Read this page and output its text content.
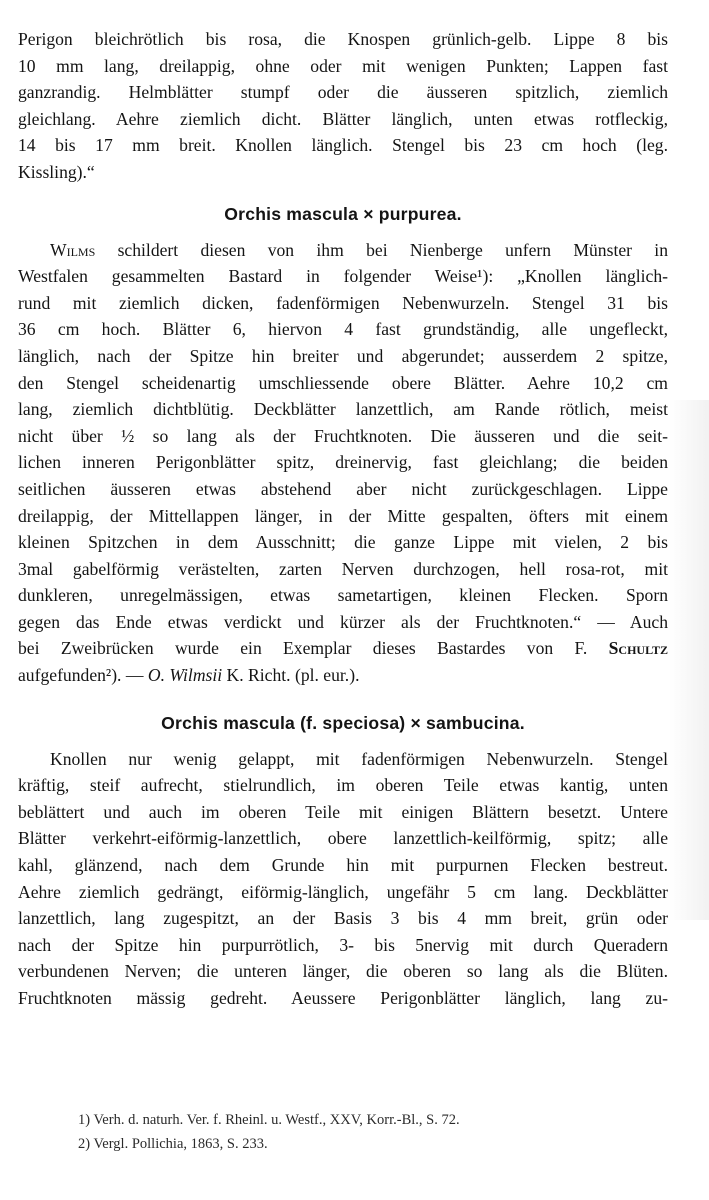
Perigon bleichrötlich bis rosa, die Knospen grünlich-gelb. Lippe 8 bis
10 mm lang, dreilappig, ohne oder mit wenigen Punkten; Lappen fast
ganzrandig. Helmblätter stumpf oder die äusseren spitzlich, ziemlich
gleichlang. Aehre ziemlich dicht. Blätter länglich, unten etwas rotfleckig,
14 bis 17 mm breit. Knollen länglich. Stengel bis 23 cm hoch (leg.
Kissling).“

Orchis mascula × purpurea.

Wilms schildert diesen von ihm bei Nienberge unfern Münster in
Westfalen gesammelten Bastard in folgender Weise¹): „Knollen länglich-
rund mit ziemlich dicken, fadenförmigen Nebenwurzeln. Stengel 31 bis
36 cm hoch. Blätter 6, hiervon 4 fast grundständig, alle ungefleckt,
länglich, nach der Spitze hin breiter und abgerundet; ausserdem 2 spitze,
den Stengel scheidenartig umschliessende obere Blätter. Aehre 10,2 cm
lang, ziemlich dichtblütig. Deckblätter lanzettlich, am Rande rötlich, meist
nicht über ½ so lang als der Fruchtknoten. Die äusseren und die seit-
lichen inneren Perigonblätter spitz, dreinervig, fast gleichlang; die beiden
seitlichen äusseren etwas abstehend aber nicht zurückgeschlagen. Lippe
dreilappig, der Mittellappen länger, in der Mitte gespalten, öfters mit einem
kleinen Spitzchen in dem Ausschnitt; die ganze Lippe mit vielen, 2 bis
3mal gabelförmig verästelten, zarten Nerven durchzogen, hell rosa-rot, mit
dunkleren, unregelmässigen, etwas sametartigen, kleinen Flecken. Sporn
gegen das Ende etwas verdickt und kürzer als der Fruchtknoten.“ — Auch
bei Zweibrücken wurde ein Exemplar dieses Bastardes von F. Schultz
aufgefunden²). — O. Wilmsii K. Richt. (pl. eur.).

Orchis mascula (f. speciosa) × sambucina.

Knollen nur wenig gelappt, mit fadenförmigen Nebenwurzeln. Stengel
kräftig, steif aufrecht, stielrundlich, im oberen Teile etwas kantig, unten
beblättert und auch im oberen Teile mit einigen Blättern besetzt. Untere
Blätter verkehrt-eiförmig-lanzettlich, obere lanzettlich-keilförmig, spitz; alle
kahl, glänzend, nach dem Grunde hin mit purpurnen Flecken bestreut.
Aehre ziemlich gedrängt, eiförmig-länglich, ungefähr 5 cm lang. Deckblätter
lanzettlich, lang zugespitzt, an der Basis 3 bis 4 mm breit, grün oder
nach der Spitze hin purpurrötlich, 3- bis 5nervig mit durch Queradern
verbundenen Nerven; die unteren länger, die oberen so lang als die Blüten.
Fruchtknoten mässig gedreht. Aeussere Perigonblätter länglich, lang zu-

1) Verh. d. naturh. Ver. f. Rheinl. u. Westf., XXV, Korr.-Bl., S. 72.
2) Vergl. Pollichia, 1863, S. 233.
